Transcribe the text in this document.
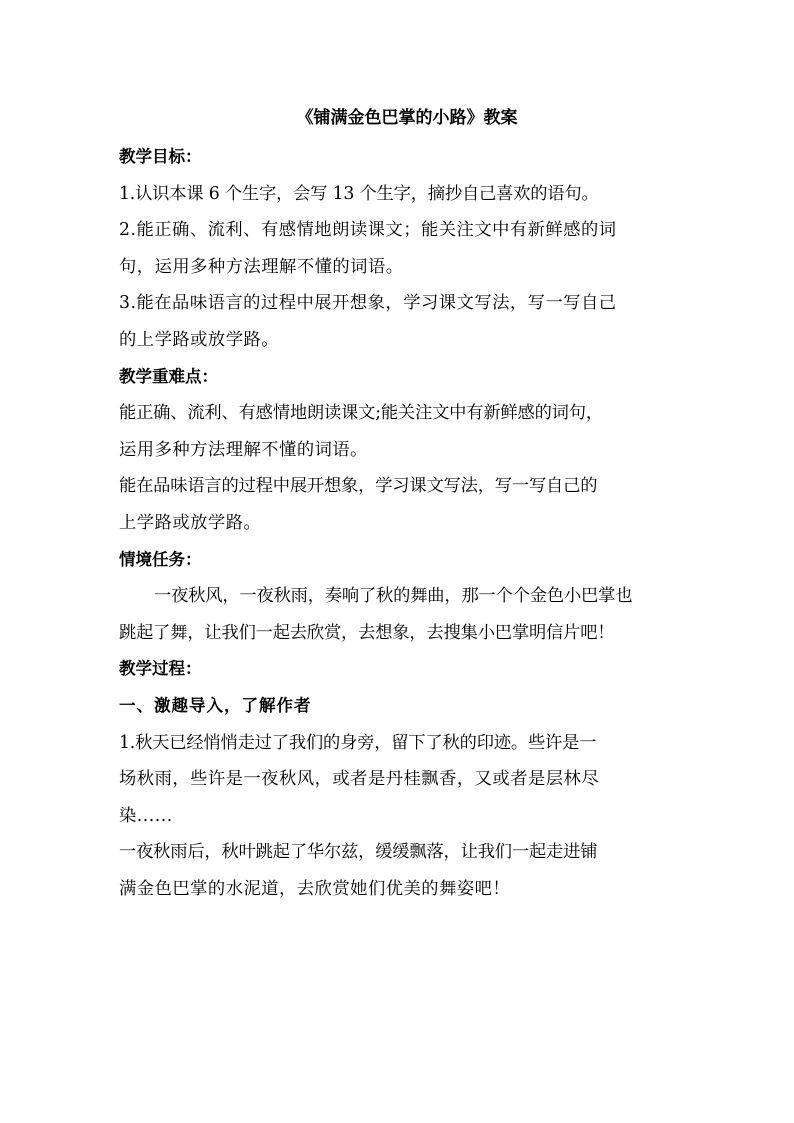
《铺满金色巴掌的小路》教案

教学目标：

1.认识本课 6 个生字，会写 13 个生字，摘抄自己喜欢的语句。

2.能正确、流利、有感情地朗读课文；能关注文中有新鲜感的词

句，运用多种方法理解不懂的词语。

3.能在品味语言的过程中展开想象，学习课文写法，写一写自己

的上学路或放学路。

教学重难点：

能正确、流利、有感情地朗读课文;能关注文中有新鲜感的词句，

运用多种方法理解不懂的词语。

能在品味语言的过程中展开想象，学习课文写法，写一写自己的

上学路或放学路。

情境任务：

一夜秋风，一夜秋雨，奏响了秋的舞曲，那一个个金色小巴掌也

跳起了舞，让我们一起去欣赏，去想象，去搜集小巴掌明信片吧！

教学过程：

一、激趣导入，了解作者

1.秋天已经悄悄走过了我们的身旁，留下了秋的印迹。些许是一

场秋雨，些许是一夜秋风，或者是丹桂飘香，又或者是层林尽

染......

一夜秋雨后，秋叶跳起了华尔兹，缓缓飘落，让我们一起走进铺

满金色巴掌的水泥道，去欣赏她们优美的舞姿吧！
